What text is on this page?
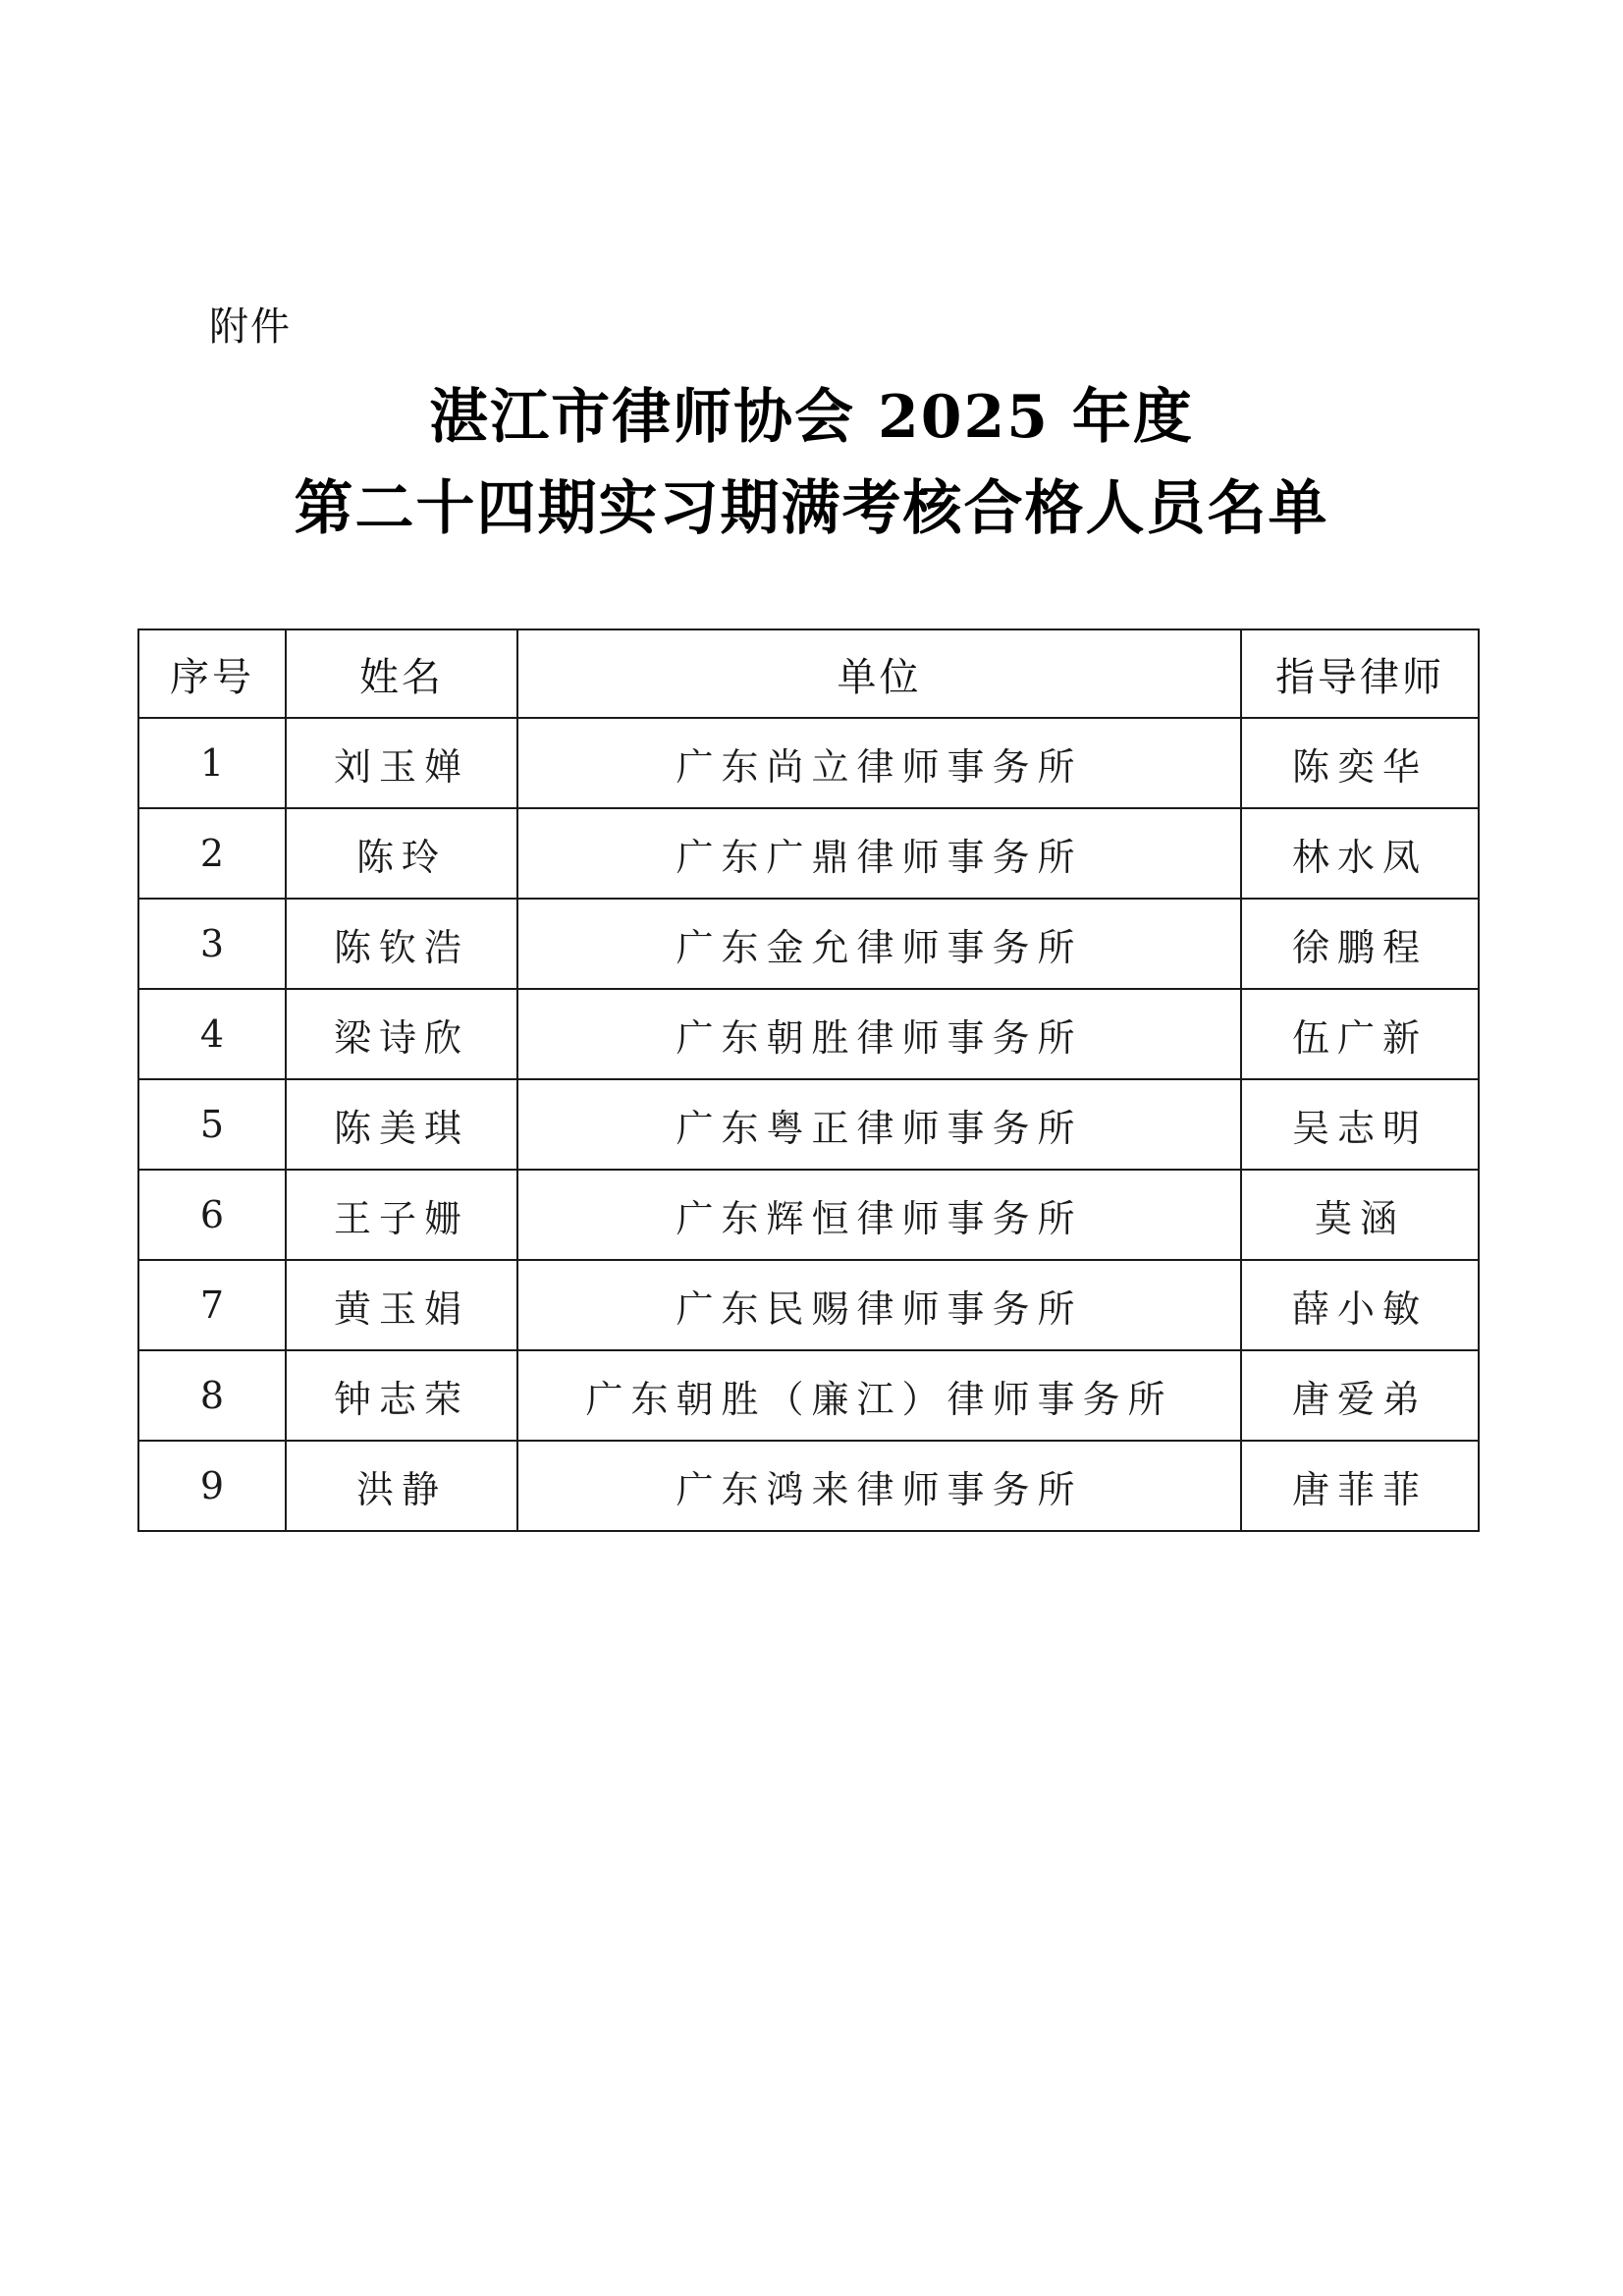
附件
湛江市律师协会 2025 年度
第二十四期实习期满考核合格人员名单
序号	姓名	单位	指导律师
1	刘玉婵	广东尚立律师事务所	陈奕华
2	陈玲	广东广鼎律师事务所	林水凤
3	陈钦浩	广东金允律师事务所	徐鹏程
4	梁诗欣	广东朝胜律师事务所	伍广新
5	陈美琪	广东粤正律师事务所	吴志明
6	王子姗	广东辉恒律师事务所	莫涵
7	黄玉娟	广东民赐律师事务所	薛小敏
8	钟志荣	广东朝胜（廉江）律师事务所	唐爱弟
9	洪静	广东鸿来律师事务所	唐菲菲
